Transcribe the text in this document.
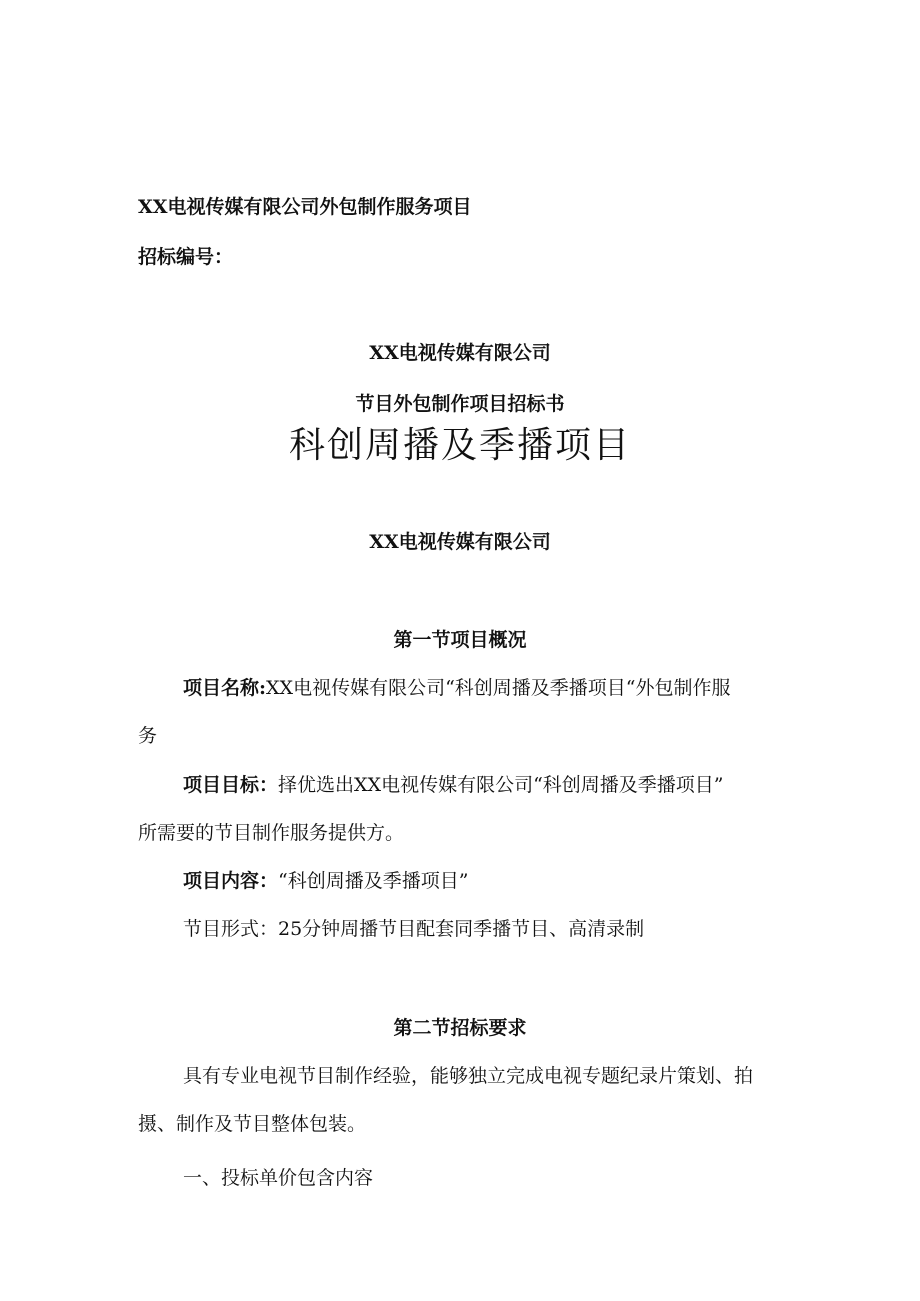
XX电视传媒有限公司外包制作服务项目
招标编号：
XX电视传媒有限公司
节目外包制作项目招标书
科创周播及季播项目
XX电视传媒有限公司
第一节项目概况
项目名称:XX电视传媒有限公司“科创周播及季播项目“外包制作服
务
项目目标：择优选出XX电视传媒有限公司“科创周播及季播项目”
所需要的节目制作服务提供方。
项目内容：“科创周播及季播项目”
节目形式：25分钟周播节目配套同季播节目、高清录制
第二节招标要求
具有专业电视节目制作经验，能够独立完成电视专题纪录片策划、拍
摄、制作及节目整体包装。
一、投标单价包含内容
